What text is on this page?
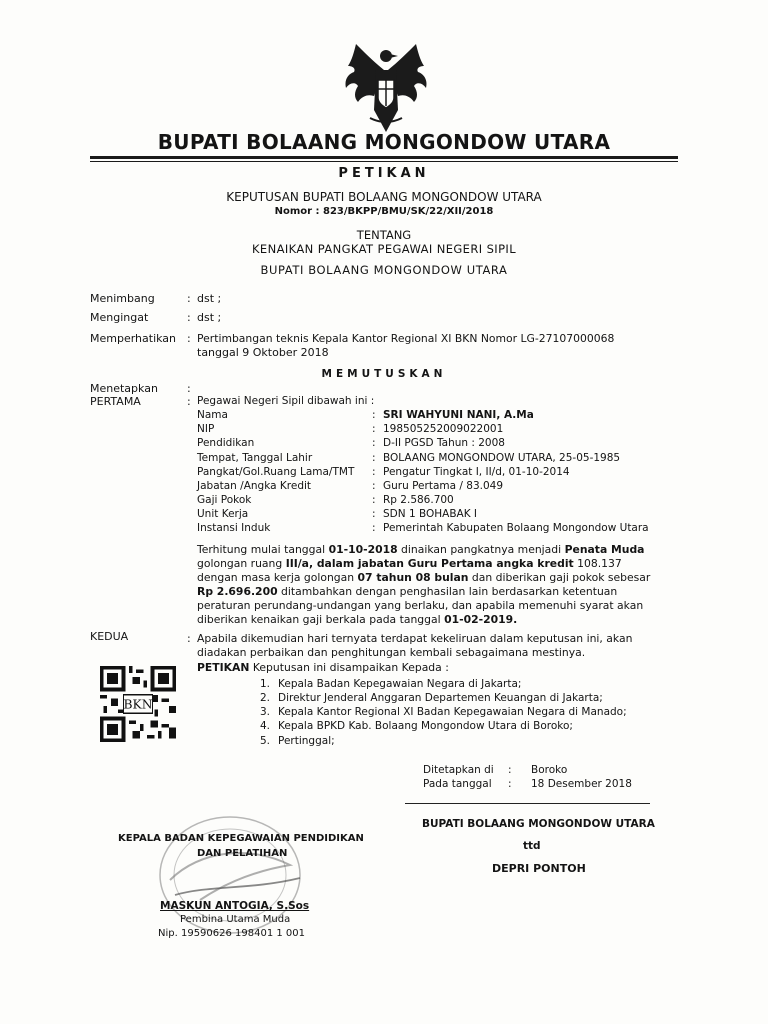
BUPATI BOLAANG MONGONDOW UTARA
PETIKAN
KEPUTUSAN BUPATI BOLAANG MONGONDOW UTARA
Nomor : 823/BKPP/BMU/SK/22/XII/2018
TENTANG
KENAIKAN PANGKAT PEGAWAI NEGERI SIPIL
BUPATI BOLAANG MONGONDOW UTARA
Menimbang	: dst ;
Mengingat	: dst ;
Memperhatikan : Pertimbangan teknis Kepala Kantor Regional XI BKN Nomor LG-27107000068
tanggal 9 Oktober 2018
MEMUTUSKAN
Menetapkan	:
PERTAMA	: Pegawai Negeri Sipil dibawah ini :
Nama	: SRI WAHYUNI NANI, A.Ma
NIP	: 198505252009022001
Pendidikan	: D-II PGSD Tahun : 2008
Tempat, Tanggal Lahir	: BOLAANG MONGONDOW UTARA, 25-05-1985
Pangkat/Gol.Ruang Lama/TMT : Pengatur Tingkat I, II/d, 01-10-2014
Jabatan /Angka Kredit	: Guru Pertama / 83.049
Gaji Pokok	: Rp 2.586.700
Unit Kerja	: SDN 1 BOHABAK I
Instansi Induk	: Pemerintah Kabupaten Bolaang Mongondow Utara
Terhitung mulai tanggal 01-10-2018 dinaikan pangkatnya menjadi Penata Muda
golongan ruang III/a, dalam jabatan Guru Pertama angka kredit 108.137
dengan masa kerja golongan 07 tahun 08 bulan dan diberikan gaji pokok sebesar
Rp 2.696.200 ditambahkan dengan penghasilan lain berdasarkan ketentuan
peraturan perundang-undangan yang berlaku, dan apabila memenuhi syarat akan
diberikan kenaikan gaji berkala pada tanggal 01-02-2019.
KEDUA	: Apabila dikemudian hari ternyata terdapat kekeliruan dalam keputusan ini, akan
diadakan perbaikan dan penghitungan kembali sebagaimana mestinya.
BKN
PETIKAN Keputusan ini disampaikan Kepada :
1. Kepala Badan Kepegawaian Negara di Jakarta;
2. Direktur Jenderal Anggaran Departemen Keuangan di Jakarta;
3. Kepala Kantor Regional XI Badan Kepegawaian Negara di Manado;
4. Kepala BPKD Kab. Bolaang Mongondow Utara di Boroko;
5. Pertinggal;
Ditetapkan di : Boroko
Pada tanggal : 18 Desember 2018
BUPATI BOLAANG MONGONDOW UTARA
ttd
DEPRI PONTOH
KEPALA BADAN KEPEGAWAIAN PENDIDIKAN
DAN PELATIHAN
MASKUN ANTOGIA, S.Sos
Pembina Utama Muda
Nip. 19590626 198401 1 001
